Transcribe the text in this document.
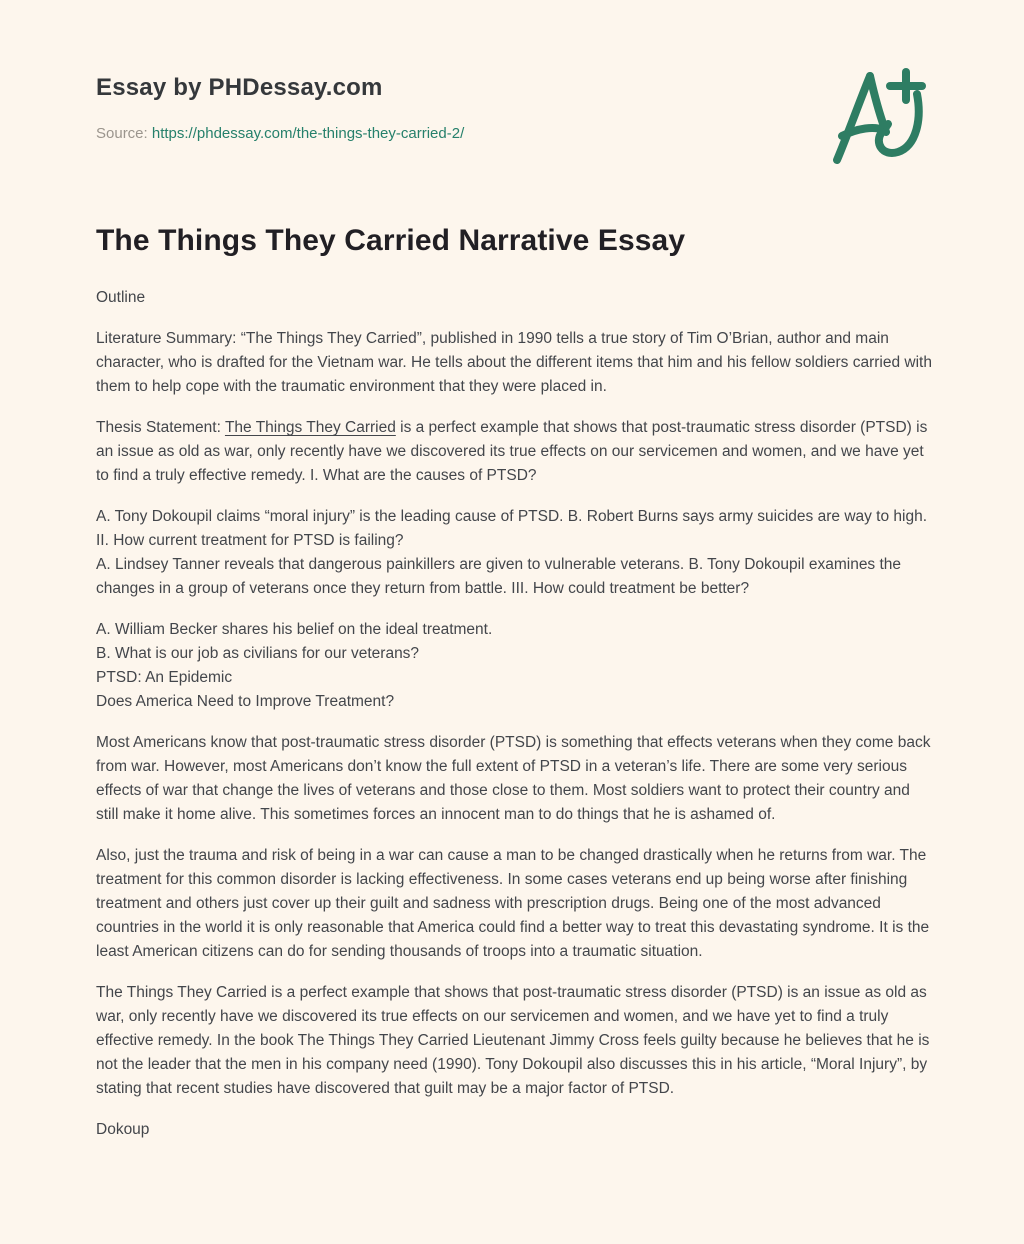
Essay by PHDessay.com
Source: https://phdessay.com/the-things-they-carried-2/
The Things They Carried Narrative Essay
Outline

Literature Summary: “The Things They Carried”, published in 1990 tells a true story of Tim O’Brian, author and main character, who is drafted for the Vietnam war. He tells about the different items that him and his fellow soldiers carried with them to help cope with the traumatic environment that they were placed in.

Thesis Statement: The Things They Carried is a perfect example that shows that post-traumatic stress disorder (PTSD) is an issue as old as war, only recently have we discovered its true effects on our servicemen and women, and we have yet to find a truly effective remedy. I. What are the causes of PTSD?

A. Tony Dokoupil claims “moral injury” is the leading cause of PTSD. B. Robert Burns says army suicides are way to high.
II. How current treatment for PTSD is failing?
A. Lindsey Tanner reveals that dangerous painkillers are given to vulnerable veterans. B. Tony Dokoupil examines the changes in a group of veterans once they return from battle. III. How could treatment be better?
A. William Becker shares his belief on the ideal treatment.
B. What is our job as civilians for our veterans?
PTSD: An Epidemic
Does America Need to Improve Treatment?

Most Americans know that post-traumatic stress disorder (PTSD) is something that effects veterans when they come back from war. However, most Americans don’t know the full extent of PTSD in a veteran’s life. There are some very serious effects of war that change the lives of veterans and those close to them. Most soldiers want to protect their country and still make it home alive. This sometimes forces an innocent man to do things that he is ashamed of.

Also, just the trauma and risk of being in a war can cause a man to be changed drastically when he returns from war. The treatment for this common disorder is lacking effectiveness. In some cases veterans end up being worse after finishing treatment and others just cover up their guilt and sadness with prescription drugs. Being one of the most advanced countries in the world it is only reasonable that America could find a better way to treat this devastating syndrome. It is the least American citizens can do for sending thousands of troops into a traumatic situation.

The Things They Carried is a perfect example that shows that post-traumatic stress disorder (PTSD) is an issue as old as war, only recently have we discovered its true effects on our servicemen and women, and we have yet to find a truly effective remedy. In the book The Things They Carried Lieutenant Jimmy Cross feels guilty because he believes that he is not the leader that the men in his company need (1990). Tony Dokoupil also discusses this in his article, “Moral Injury”, by stating that recent studies have discovered that guilt may be a major factor of PTSD.

Dokoup
